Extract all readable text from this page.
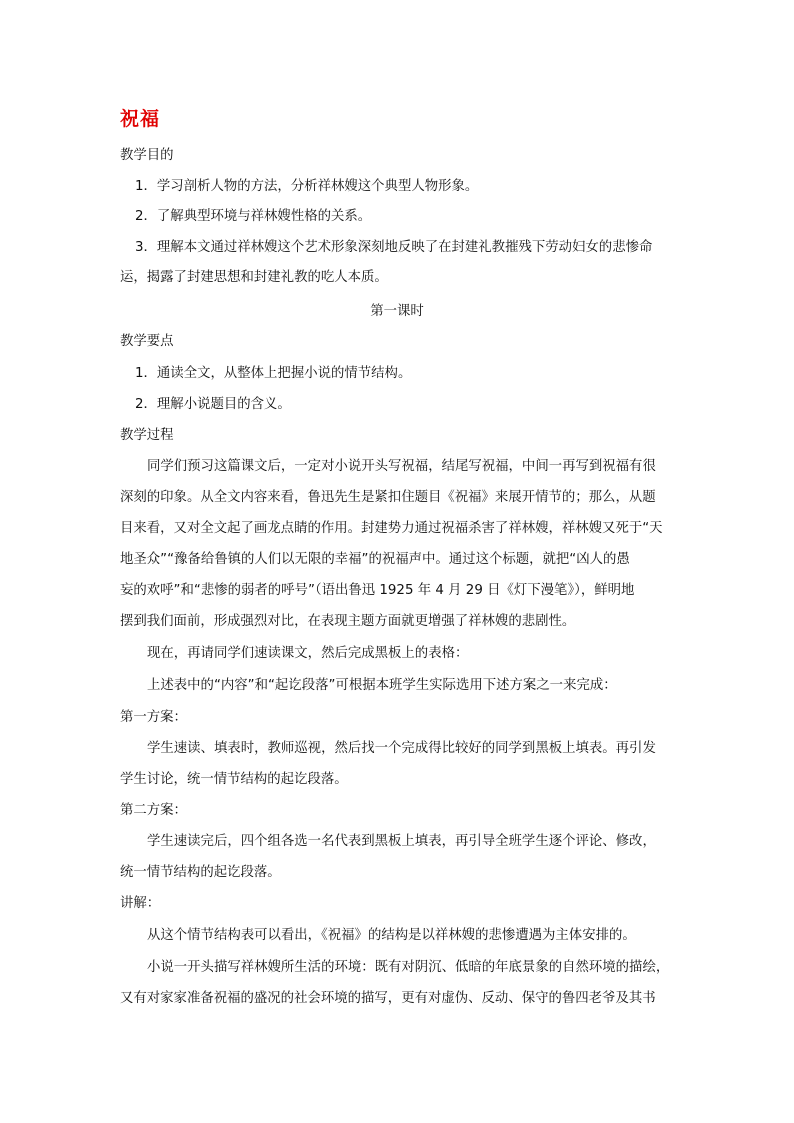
祝福
教学目的
1．学习剖析人物的方法，分析祥林嫂这个典型人物形象。
2．了解典型环境与祥林嫂性格的关系。
3．理解本文通过祥林嫂这个艺术形象深刻地反映了在封建礼教摧残下劳动妇女的悲惨命
运，揭露了封建思想和封建礼教的吃人本质。
第一课时
教学要点
1．通读全文，从整体上把握小说的情节结构。
2．理解小说题目的含义。
教学过程
同学们预习这篇课文后，一定对小说开头写祝福，结尾写祝福，中间一再写到祝福有很
深刻的印象。从全文内容来看，鲁迅先生是紧扣住题目《祝福》来展开情节的；那么，从题
目来看，又对全文起了画龙点睛的作用。封建势力通过祝福杀害了祥林嫂，祥林嫂又死于“天
地圣众”“豫备给鲁镇的人们以无限的幸福”的祝福声中。通过这个标题，就把“凶人的愚
妄的欢呼”和“悲惨的弱者的呼号”（语出鲁迅 1925 年 4 月 29 日《灯下漫笔》），鲜明地
摆到我们面前，形成强烈对比，在表现主题方面就更增强了祥林嫂的悲剧性。
现在，再请同学们速读课文，然后完成黑板上的表格：
上述表中的“内容”和“起讫段落”可根据本班学生实际选用下述方案之一来完成：
第一方案：
学生速读、填表时，教师巡视，然后找一个完成得比较好的同学到黑板上填表。再引发
学生讨论，统一情节结构的起讫段落。
第二方案：
学生速读完后，四个组各选一名代表到黑板上填表，再引导全班学生逐个评论、修改，
统一情节结构的起讫段落。
讲解：
从这个情节结构表可以看出，《祝福》的结构是以祥林嫂的悲惨遭遇为主体安排的。
小说一开头描写祥林嫂所生活的环境：既有对阴沉、低暗的年底景象的自然环境的描绘，
又有对家家准备祝福的盛况的社会环境的描写，更有对虚伪、反动、保守的鲁四老爷及其书
